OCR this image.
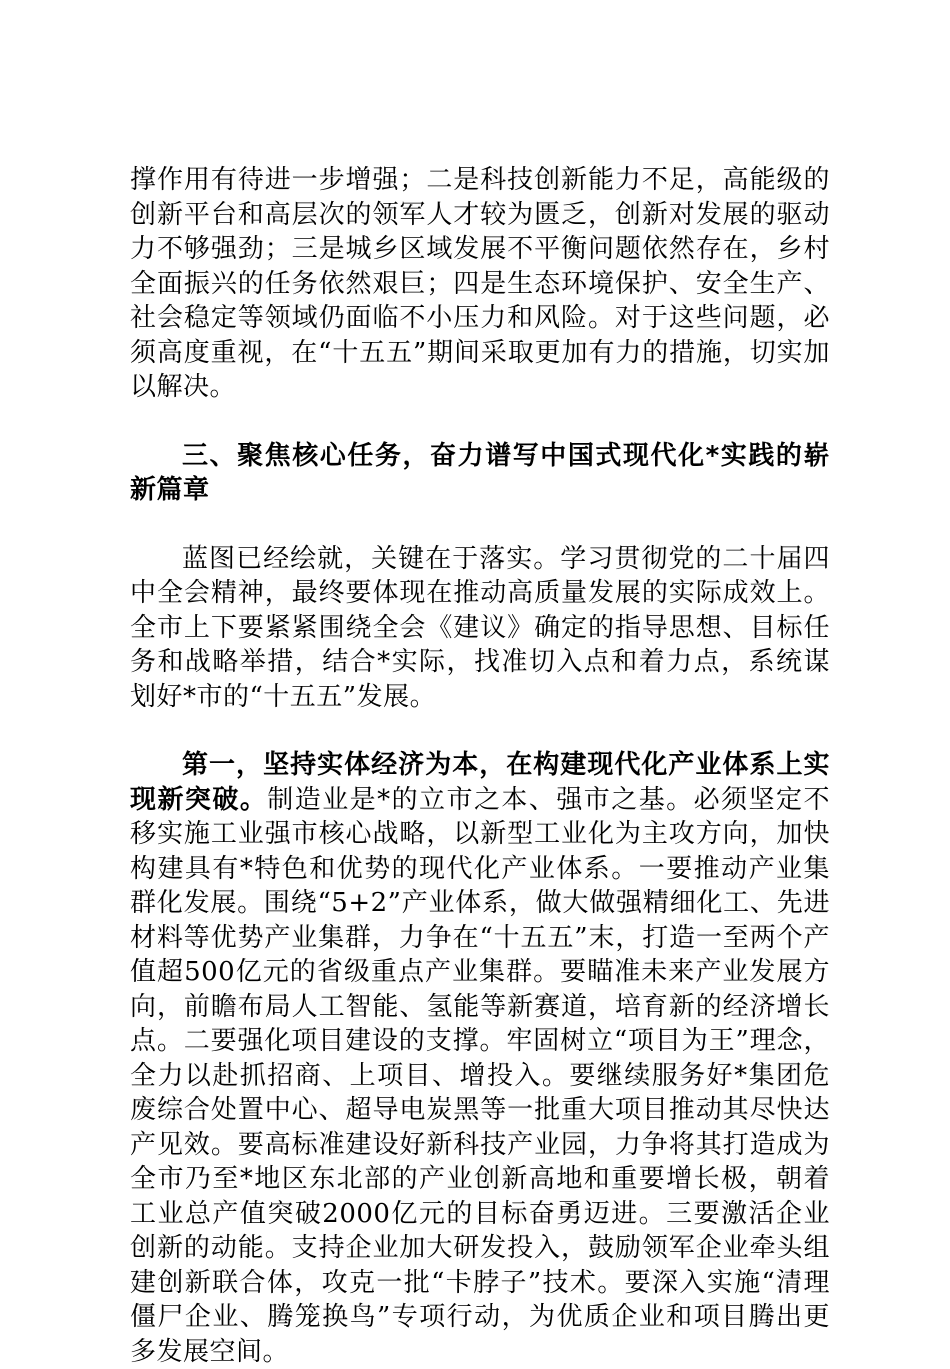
撑作用有待进一步增强；二是科技创新能力不足，高能级的创新平台和高层次的领军人才较为匮乏，创新对发展的驱动力不够强劲；三是城乡区域发展不平衡问题依然存在，乡村全面振兴的任务依然艰巨；四是生态环境保护、安全生产、社会稳定等领域仍面临不小压力和风险。对于这些问题，必须高度重视，在“十五五”期间采取更加有力的措施，切实加以解决。

三、聚焦核心任务，奋力谱写中国式现代化*实践的崭新篇章

蓝图已经绘就，关键在于落实。学习贯彻党的二十届四中全会精神，最终要体现在推动高质量发展的实际成效上。全市上下要紧紧围绕全会《建议》确定的指导思想、目标任务和战略举措，结合*实际，找准切入点和着力点，系统谋划好*市的“十五五”发展。

第一，坚持实体经济为本，在构建现代化产业体系上实现新突破。制造业是*的立市之本、强市之基。必须坚定不移实施工业强市核心战略，以新型工业化为主攻方向，加快构建具有*特色和优势的现代化产业体系。一要推动产业集群化发展。围绕“5+2”产业体系，做大做强精细化工、先进材料等优势产业集群，力争在“十五五”末，打造一至两个产值超500亿元的省级重点产业集群。要瞄准未来产业发展方向，前瞻布局人工智能、氢能等新赛道，培育新的经济增长点。二要强化项目建设的支撑。牢固树立“项目为王”理念，全力以赴抓招商、上项目、增投入。要继续服务好*集团危废综合处置中心、超导电炭黑等一批重大项目推动其尽快达产见效。要高标准建设好新科技产业园，力争将其打造成为全市乃至*地区东北部的产业创新高地和重要增长极，朝着工业总产值突破2000亿元的目标奋勇迈进。三要激活企业创新的动能。支持企业加大研发投入，鼓励领军企业牵头组建创新联合体，攻克一批“卡脖子”技术。要深入实施“清理僵尸企业、腾笼换鸟”专项行动，为优质企业和项目腾出更多发展空间。
